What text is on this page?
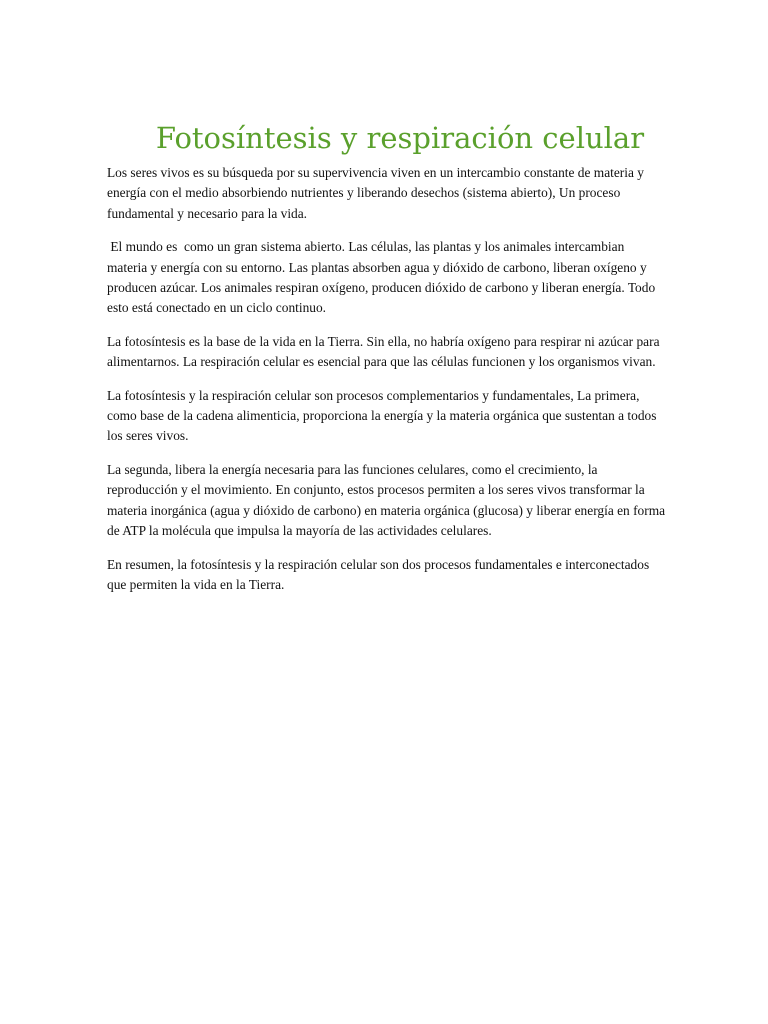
Fotosíntesis y respiración celular

Los seres vivos es su búsqueda por su supervivencia viven en un intercambio constante de materia y energía con el medio absorbiendo nutrientes y liberando desechos (sistema abierto), Un proceso fundamental y necesario para la vida.

El mundo es  como un gran sistema abierto. Las células, las plantas y los animales intercambian materia y energía con su entorno. Las plantas absorben agua y dióxido de carbono, liberan oxígeno y producen azúcar. Los animales respiran oxígeno, producen dióxido de carbono y liberan energía. Todo esto está conectado en un ciclo continuo.

La fotosíntesis es la base de la vida en la Tierra. Sin ella, no habría oxígeno para respirar ni azúcar para alimentarnos. La respiración celular es esencial para que las células funcionen y los organismos vivan.

La fotosíntesis y la respiración celular son procesos complementarios y fundamentales, La primera, como base de la cadena alimenticia, proporciona la energía y la materia orgánica que sustentan a todos los seres vivos.

La segunda, libera la energía necesaria para las funciones celulares, como el crecimiento, la reproducción y el movimiento. En conjunto, estos procesos permiten a los seres vivos transformar la materia inorgánica (agua y dióxido de carbono) en materia orgánica (glucosa) y liberar energía en forma de ATP la molécula que impulsa la mayoría de las actividades celulares.

En resumen, la fotosíntesis y la respiración celular son dos procesos fundamentales e interconectados que permiten la vida en la Tierra.
